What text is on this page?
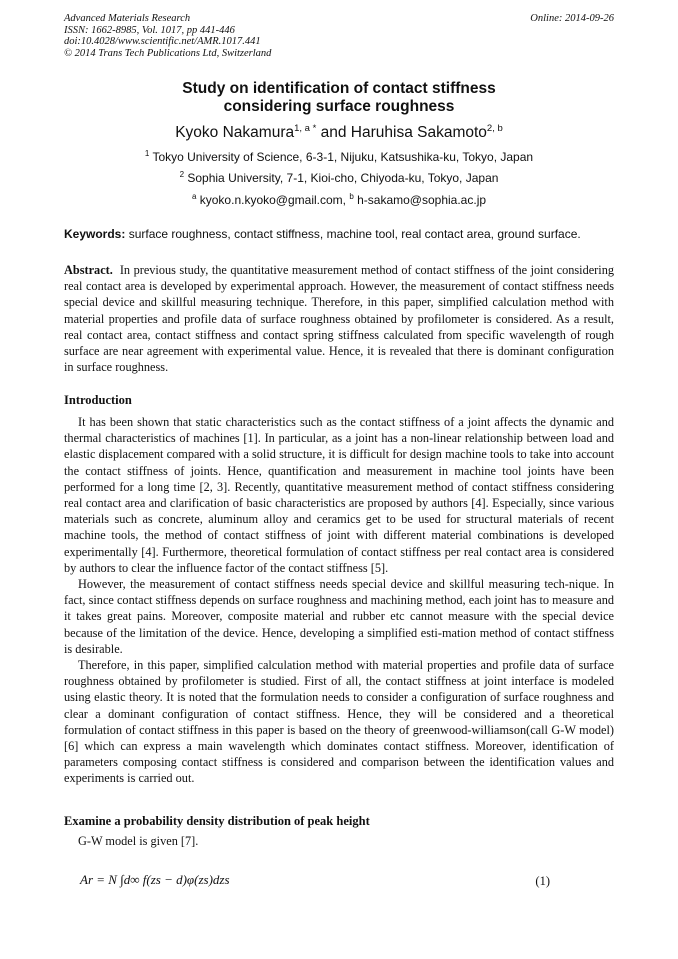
Advanced Materials Research
ISSN: 1662-8985, Vol. 1017, pp 441-446
doi:10.4028/www.scientific.net/AMR.1017.441
© 2014 Trans Tech Publications Ltd, Switzerland
Online: 2014-09-26
Study on identification of contact stiffness
considering surface roughness
Kyoko Nakamura$^{1, a *}$ and Haruhisa Sakamoto$^{2, b}$
$^1$ Tokyo University of Science, 6-3-1, Nijuku, Katsushika-ku, Tokyo, Japan
$^2$ Sophia University, 7-1, Kioi-cho, Chiyoda-ku, Tokyo, Japan
$^a$ kyoko.n.kyoko@gmail.com, $^b$ h-sakamo@sophia.ac.jp
Keywords: surface roughness, contact stiffness, machine tool, real contact area, ground surface.
Abstract.  In previous study, the quantitative measurement method of contact stiffness of the joint considering real contact area is developed by experimental approach. However, the measurement of contact stiffness needs special device and skillful measuring technique. Therefore, in this paper, simplified calculation method with material properties and profile data of surface roughness obtained by profilometer is considered. As a result, real contact area, contact stiffness and contact spring stiffness calculated from specific wavelength of rough surface are near agreement with experimental value. Hence, it is revealed that there is dominant configuration in surface roughness.
Introduction

It has been shown that static characteristics such as the contact stiffness of a joint affects the dynamic and thermal characteristics of machines [1]. In particular, as a joint has a non-linear relationship between load and elastic displacement compared with a solid structure, it is difficult for design machine tools to take into account the contact stiffness of joints. Hence, quantification and measurement in machine tool joints have been performed for a long time [2, 3]. Recently, quantitative measurement method of contact stiffness considering real contact area and clarification of basic characteristics are proposed by authors [4]. Especially, since various materials such as concrete, aluminum alloy and ceramics get to be used for structural materials of recent machine tools, the method of contact stiffness of joint with different material combinations is developed experimentally [4]. Furthermore, theoretical formulation of contact stiffness per real contact area is considered by authors to clear the influence factor of the contact stiffness [5].

However, the measurement of contact stiffness needs special device and skillful measuring tech-nique. In fact, since contact stiffness depends on surface roughness and machining method, each joint has to measure and it takes great pains. Moreover, composite material and rubber etc cannot measure with the special device because of the limitation of the device. Hence, developing a simplified esti-mation method of contact stiffness is desirable.

Therefore, in this paper, simplified calculation method with material properties and profile data of surface roughness obtained by profilometer is studied. First of all, the contact stiffness at joint interface is modeled using elastic theory. It is noted that the formulation needs to consider a configuration of surface roughness and clear a dominant configuration of contact stiffness. Hence, they will be considered and a theoretical formulation of contact stiffness in this paper is based on the theory of greenwood-williamson(call G-W model) [6] which can express a main wavelength which dominates contact stiffness. Moreover, identification of parameters composing contact stiffness is considered and comparison between the identification values and experiments is carried out.

Examine a probability density distribution of peak height

G-W model is given [7].

Ar = N ∫d∞ f(zs − d)φ(zs)dzs	(1)
